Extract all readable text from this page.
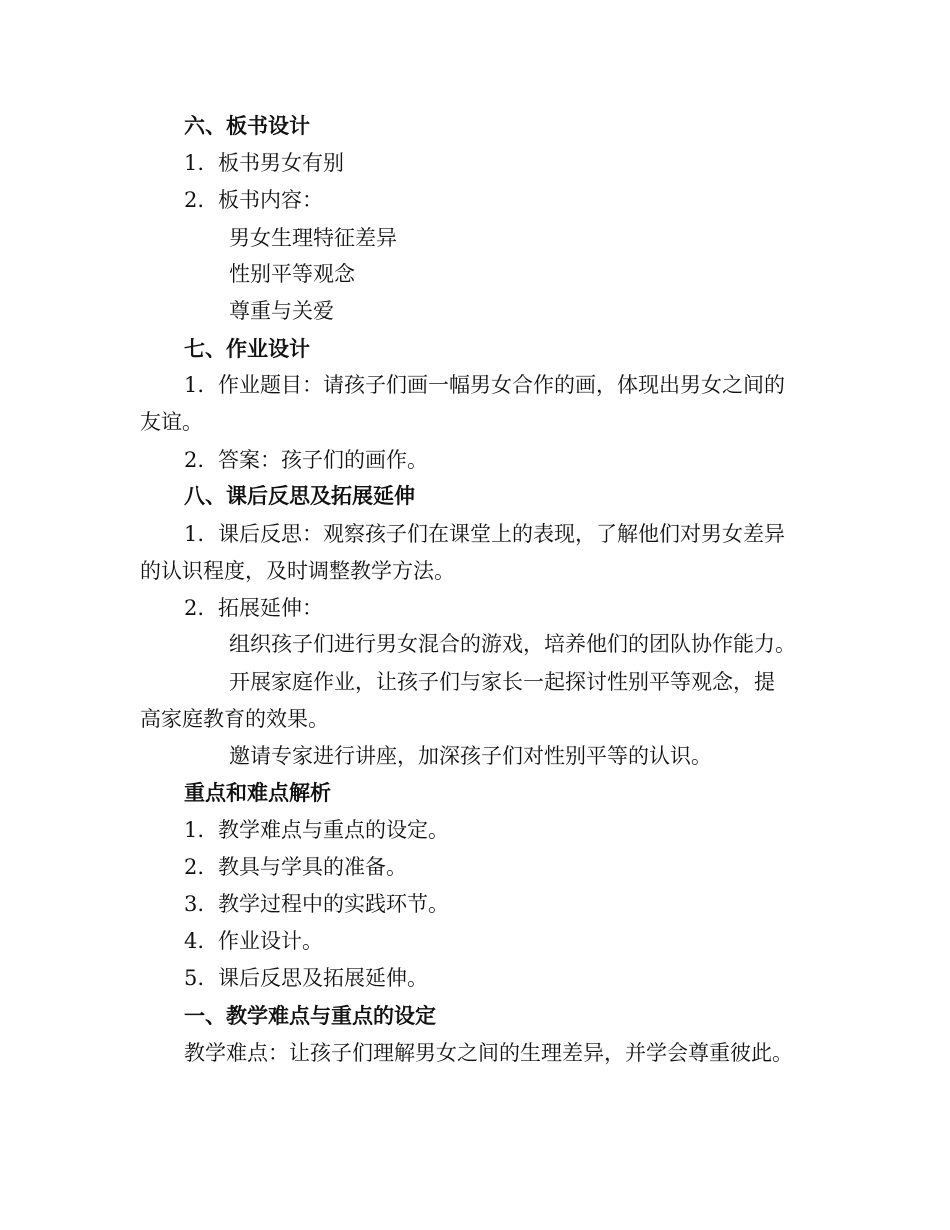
六、板书设计
1. 板书男女有别
2. 板书内容：
男女生理特征差异
性别平等观念
尊重与关爱
七、作业设计
1. 作业题目：请孩子们画一幅男女合作的画，体现出男女之间的
友谊。
2. 答案：孩子们的画作。
八、课后反思及拓展延伸
1. 课后反思：观察孩子们在课堂上的表现，了解他们对男女差异
的认识程度，及时调整教学方法。
2. 拓展延伸：
组织孩子们进行男女混合的游戏，培养他们的团队协作能力。
开展家庭作业，让孩子们与家长一起探讨性别平等观念，提
高家庭教育的效果。
邀请专家进行讲座，加深孩子们对性别平等的认识。
重点和难点解析
1. 教学难点与重点的设定。
2. 教具与学具的准备。
3. 教学过程中的实践环节。
4. 作业设计。
5. 课后反思及拓展延伸。
一、教学难点与重点的设定
教学难点：让孩子们理解男女之间的生理差异，并学会尊重彼此。
